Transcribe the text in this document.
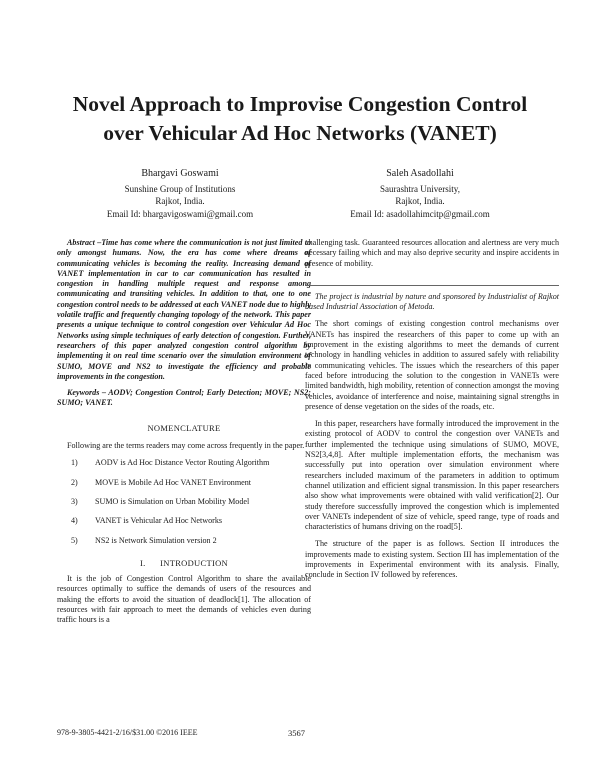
Novel Approach to Improvise Congestion Control
over Vehicular Ad Hoc Networks (VANET)
Bhargavi Goswami
Sunshine Group of Institutions
Rajkot, India.
Email Id: bhargavigoswami@gmail.com
Saleh Asadollahi
Saurashtra University,
Rajkot, India.
Email Id: asadollahimcitp@gmail.com

Abstract –Time has come where the communication is not just limited to only amongst humans. Now, the era has come where dreams of communicating vehicles is becoming the reality. Increasing demand of VANET implementation in car to car communication has resulted in congestion in handling multiple request and response among communicating and transiting vehicles. In addition to that, one to one congestion control needs to be addressed at each VANET node due to highly volatile traffic and frequently changing topology of the network. This paper presents a unique technique to control congestion over Vehicular Ad Hoc Networks using simple techniques of early detection of congestion. Further, researchers of this paper analyzed congestion control algorithm by implementing it on real time scenario over the simulation environment of SUMO, MOVE and NS2 to investigate the efficiency and probable improvements in the congestion.

Keywords – AODV; Congestion Control; Early Detection; MOVE; NS2; SUMO; VANET.

NOMENCLATURE

Following are the terms readers may come across frequently in the paper.

1)	AODV is Ad Hoc Distance Vector Routing Algorithm
2)	MOVE is Mobile Ad Hoc VANET Environment
3)	SUMO is Simulation on Urban Mobility Model
4)	VANET is Vehicular Ad Hoc Networks
5)	NS2 is Network Simulation version 2

I.      INTRODUCTION

It is the job of Congestion Control Algorithm to share the available resources optimally to suffice the demands of users of the resources and making the efforts to avoid the situation of deadlock[1]. The allocation of resources with fair approach to meet the demands of vehicles even during traffic hours is a

challenging task. Guaranteed resources allocation and alertness are very much necessary failing which and may also deprive security and inspire accidents in presence of mobility.

The project is industrial by nature and sponsored by Industrialist of Rajkot based Industrial Association of Metoda.

The short comings of existing congestion control mechanisms over VANETs has inspired the researchers of this paper to come up with an improvement in the existing algorithms to meet the demands of current technology in handling vehicles in addition to assured safely with reliability in communicating vehicles. The issues which the researchers of this paper faced before introducing the solution to the congestion in VANETs were limited bandwidth, high mobility, retention of connection amongst the moving vehicles, avoidance of interference and noise, maintaining signal strengths in presence of dense vegetation on the sides of the roads, etc.

In this paper, researchers have formally introduced the improvement in the existing protocol of AODV to control the congestion over VANETs and further implemented the technique using simulations of SUMO, MOVE, NS2[3,4,8]. After multiple implementation efforts, the mechanism was successfully put into operation over simulation environment where researchers included maximum of the parameters in addition to optimum channel utilization and efficient signal transmission. In this paper researchers also show what improvements were obtained with valid verification[2]. Our study therefore successfully improved the congestion which is implemented over VANETs independent of size of vehicle, speed range, type of roads and characteristics of humans driving on the road[5].

The structure of the paper is as follows. Section II introduces the improvements made to existing system. Section III has implementation of the improvements in Experimental environment with its analysis. Finally, conclude in Section IV followed by references.

978-9-3805-4421-2/16/$31.00 ©2016 IEEE	3567
